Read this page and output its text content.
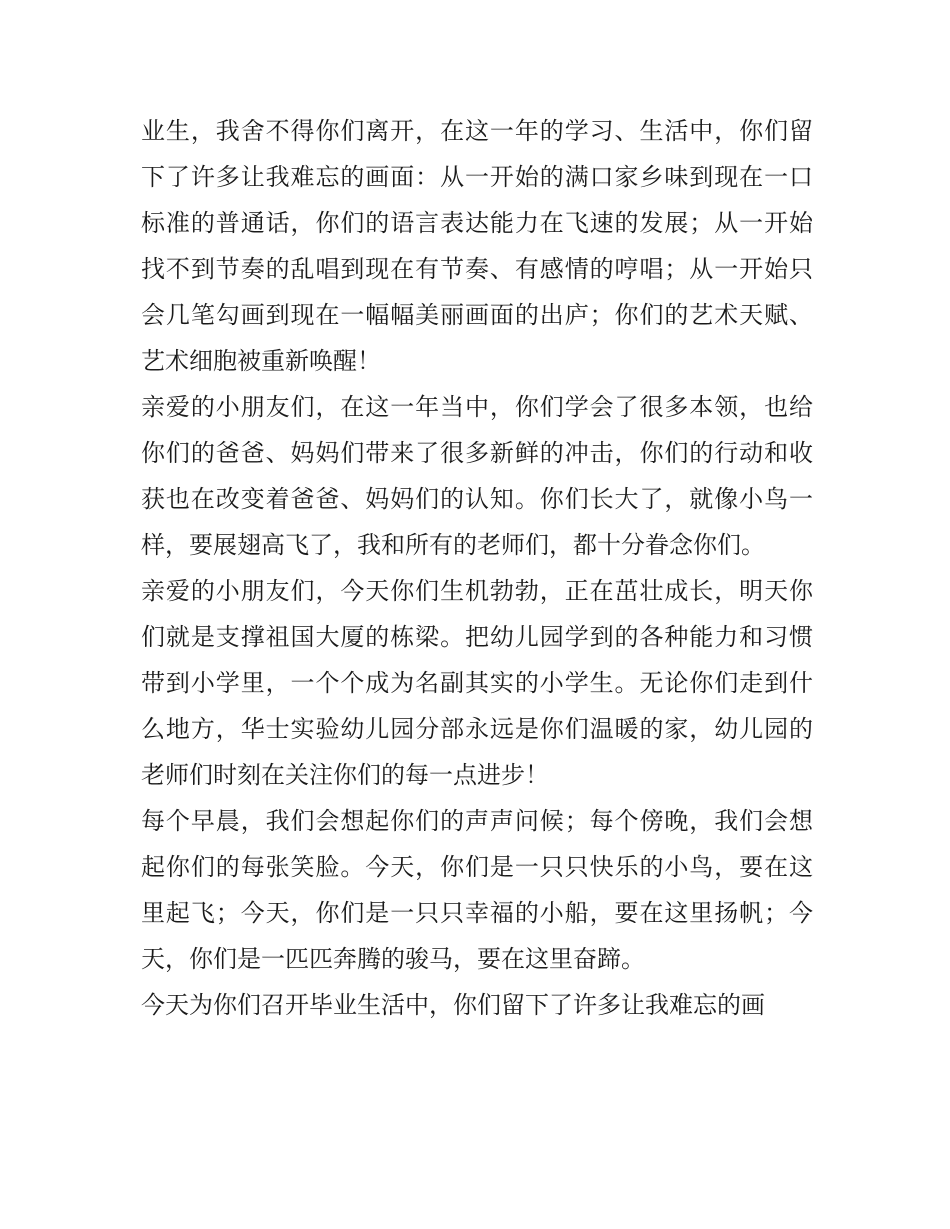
业生，我舍不得你们离开，在这一年的学习、生活中，你们留
下了许多让我难忘的画面：从一开始的满口家乡味到现在一口
标准的普通话，你们的语言表达能力在飞速的发展；从一开始
找不到节奏的乱唱到现在有节奏、有感情的哼唱；从一开始只
会几笔勾画到现在一幅幅美丽画面的出庐；你们的艺术天赋、
艺术细胞被重新唤醒！
亲爱的小朋友们，在这一年当中，你们学会了很多本领，也给
你们的爸爸、妈妈们带来了很多新鲜的冲击，你们的行动和收
获也在改变着爸爸、妈妈们的认知。你们长大了，就像小鸟一
样，要展翅高飞了，我和所有的老师们，都十分眷念你们。
亲爱的小朋友们，今天你们生机勃勃，正在茁壮成长，明天你
们就是支撑祖国大厦的栋梁。把幼儿园学到的各种能力和习惯
带到小学里，一个个成为名副其实的小学生。无论你们走到什
么地方，华士实验幼儿园分部永远是你们温暖的家，幼儿园的
老师们时刻在关注你们的每一点进步！
每个早晨，我们会想起你们的声声问候；每个傍晚，我们会想
起你们的每张笑脸。今天，你们是一只只快乐的小鸟，要在这
里起飞；今天，你们是一只只幸福的小船，要在这里扬帆；今
天，你们是一匹匹奔腾的骏马，要在这里奋蹄。
今天为你们召开毕业生活中，你们留下了许多让我难忘的画
